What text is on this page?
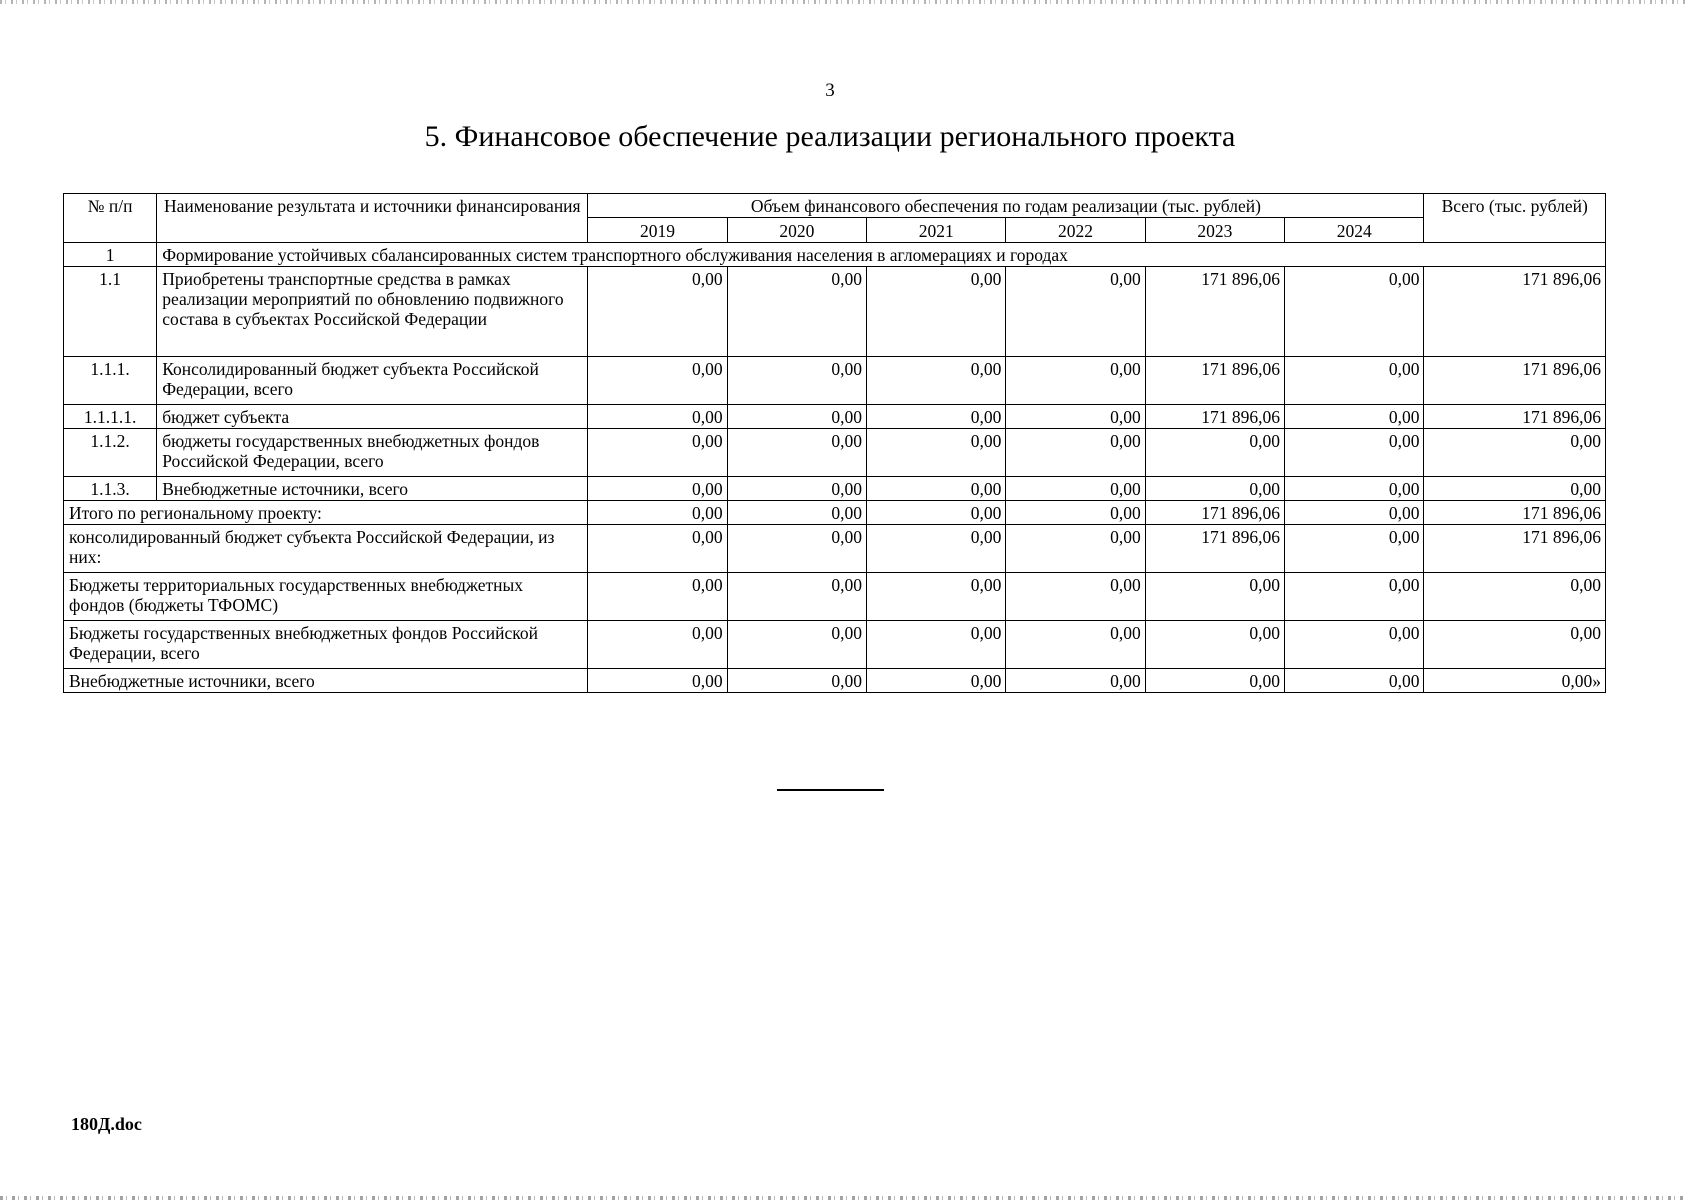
3
5. Финансовое обеспечение реализации регионального проекта
№ п/п	Наименование результата и источники финансирования	Объем финансового обеспечения по годам реализации (тыс. рублей)						Всего (тыс. рублей)
		2019	2020	2021	2022	2023	2024	
1	Формирование устойчивых сбалансированных систем транспортного обслуживания населения в агломерациях и городах							
1.1	Приобретены транспортные средства в рамках реализации мероприятий по обновлению подвижного состава в субъектах Российской Федерации	0,00	0,00	0,00	0,00	171 896,06	0,00	171 896,06
1.1.1.	Консолидированный бюджет субъекта Российской Федерации, всего	0,00	0,00	0,00	0,00	171 896,06	0,00	171 896,06
1.1.1.1.	бюджет субъекта	0,00	0,00	0,00	0,00	171 896,06	0,00	171 896,06
1.1.2.	бюджеты государственных внебюджетных фондов Российской Федерации, всего	0,00	0,00	0,00	0,00	0,00	0,00	0,00
1.1.3.	Внебюджетные источники, всего	0,00	0,00	0,00	0,00	0,00	0,00	0,00
Итого по региональному проекту:		0,00	0,00	0,00	0,00	171 896,06	0,00	171 896,06
консолидированный бюджет субъекта Российской Федерации, из них:		0,00	0,00	0,00	0,00	171 896,06	0,00	171 896,06
Бюджеты территориальных государственных внебюджетных фондов (бюджеты ТФОМС)		0,00	0,00	0,00	0,00	0,00	0,00	0,00
Бюджеты государственных внебюджетных фондов Российской Федерации, всего		0,00	0,00	0,00	0,00	0,00	0,00	0,00
Внебюджетные источники, всего		0,00	0,00	0,00	0,00	0,00	0,00	0,00»
180Д.doc
